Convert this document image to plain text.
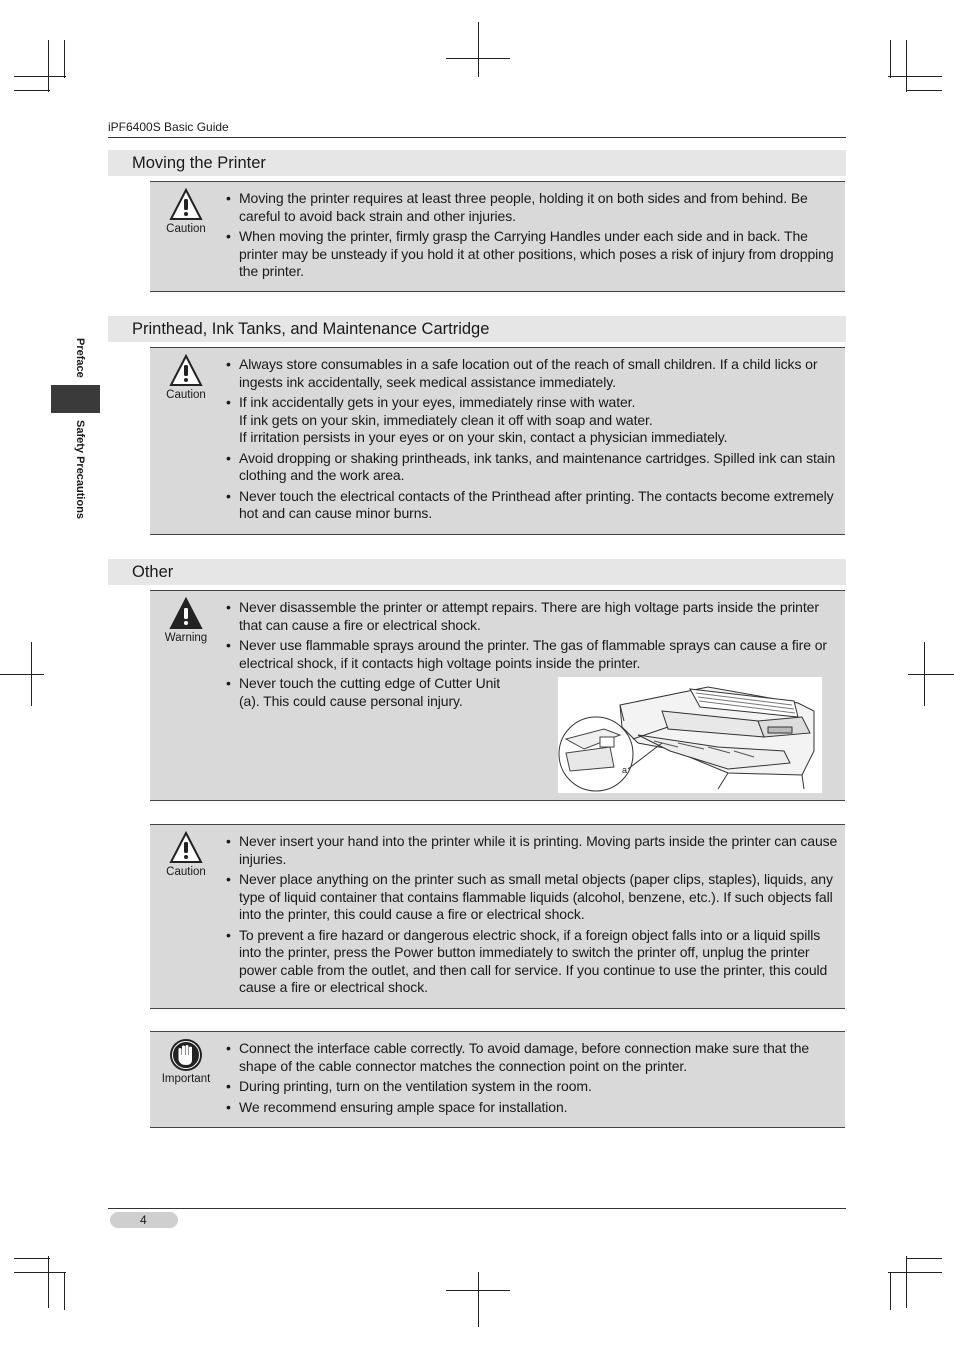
iPF6400S Basic Guide
Preface
Safety Precautions
Moving the Printer
Caution
• Moving the printer requires at least three people, holding it on both sides and from behind. Be careful to avoid back strain and other injuries.
• When moving the printer, firmly grasp the Carrying Handles under each side and in back. The printer may be unsteady if you hold it at other positions, which poses a risk of injury from dropping the printer.
Printhead, Ink Tanks, and Maintenance Cartridge
Caution
• Always store consumables in a safe location out of the reach of small children. If a child licks or ingests ink accidentally, seek medical assistance immediately.
• If ink accidentally gets in your eyes, immediately rinse with water.
If ink gets on your skin, immediately clean it off with soap and water.
If irritation persists in your eyes or on your skin, contact a physician immediately.
• Avoid dropping or shaking printheads, ink tanks, and maintenance cartridges. Spilled ink can stain clothing and the work area.
• Never touch the electrical contacts of the Printhead after printing. The contacts become extremely hot and can cause minor burns.
Other
Warning
• Never disassemble the printer or attempt repairs. There are high voltage parts inside the printer that can cause a fire or electrical shock.
• Never use flammable sprays around the printer. The gas of flammable sprays can cause a fire or electrical shock, if it contacts high voltage points inside the printer.
• Never touch the cutting edge of Cutter Unit
(a). This could cause personal injury.
a
Caution
• Never insert your hand into the printer while it is printing. Moving parts inside the printer can cause injuries.
• Never place anything on the printer such as small metal objects (paper clips, staples), liquids, any type of liquid container that contains flammable liquids (alcohol, benzene, etc.). If such objects fall into the printer, this could cause a fire or electrical shock.
• To prevent a fire hazard or dangerous electric shock, if a foreign object falls into or a liquid spills into the printer, press the Power button immediately to switch the printer off, unplug the printer power cable from the outlet, and then call for service. If you continue to use the printer, this could cause a fire or electrical shock.
Important
• Connect the interface cable correctly. To avoid damage, before connection make sure that the shape of the cable connector matches the connection point on the printer.
• During printing, turn on the ventilation system in the room.
• We recommend ensuring ample space for installation.
4
